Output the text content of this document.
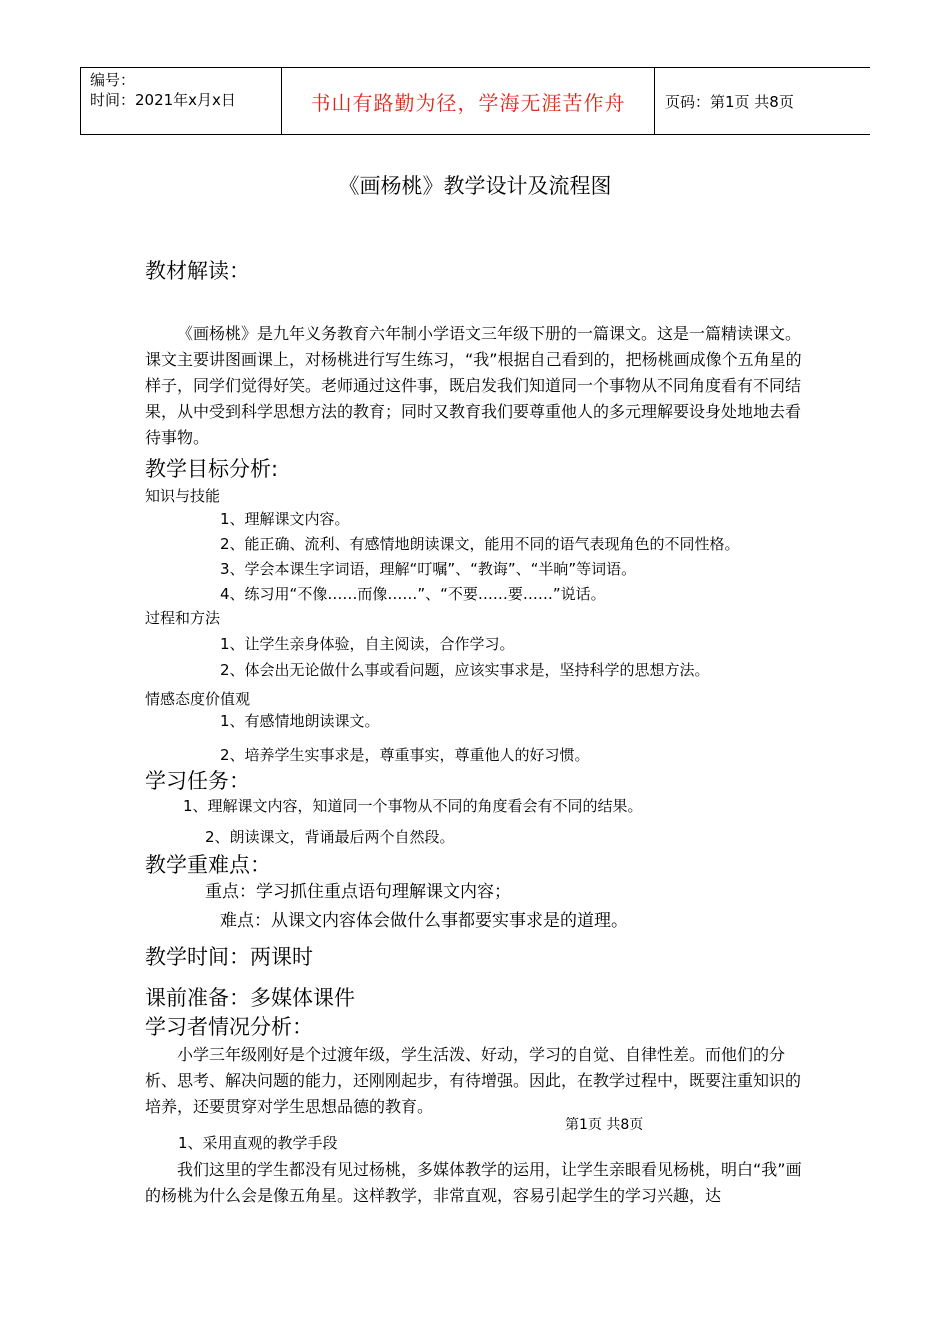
编号：
时间：2021年x月x日	书山有路勤为径，学海无涯苦作舟	页码：第1页 共8页
《画杨桃》教学设计及流程图
教材解读：
《画杨桃》是九年义务教育六年制小学语文三年级下册的一篇课文。这是一篇精读课文。课文主要讲图画课上，对杨桃进行写生练习，“我”根据自己看到的，把杨桃画成像个五角星的样子，同学们觉得好笑。老师通过这件事，既启发我们知道同一个事物从不同角度看有不同结果，从中受到科学思想方法的教育；同时又教育我们要尊重他人的多元理解要设身处地地去看待事物。
教学目标分析:
知识与技能
1、理解课文内容。
2、能正确、流利、有感情地朗读课文，能用不同的语气表现角色的不同性格。
3、学会本课生字词语，理解“叮嘱”、“教诲”、“半晌”等词语。
4、练习用“不像……而像……”、“不要……要……”说话。
过程和方法
1、让学生亲身体验，自主阅读，合作学习。
2、体会出无论做什么事或看问题，应该实事求是，坚持科学的思想方法。
情感态度价值观
1、有感情地朗读课文。
2、培养学生实事求是，尊重事实，尊重他人的好习惯。
学习任务：
1、理解课文内容，知道同一个事物从不同的角度看会有不同的结果。
2、朗读课文，背诵最后两个自然段。
教学重难点：
重点：学习抓住重点语句理解课文内容；
难点：从课文内容体会做什么事都要实事求是的道理。
教学时间：两课时
课前准备：多媒体课件
学习者情况分析：
小学三年级刚好是个过渡年级，学生活泼、好动，学习的自觉、自律性差。而他们的分析、思考、解决问题的能力，还刚刚起步，有待增强。因此，在教学过程中，既要注重知识的培养，还要贯穿对学生思想品德的教育。
第1页 共8页
1、采用直观的教学手段
我们这里的学生都没有见过杨桃，多媒体教学的运用，让学生亲眼看见杨桃，明白“我”画的杨桃为什么会是像五角星。这样教学，非常直观，容易引起学生的学习兴趣，达
